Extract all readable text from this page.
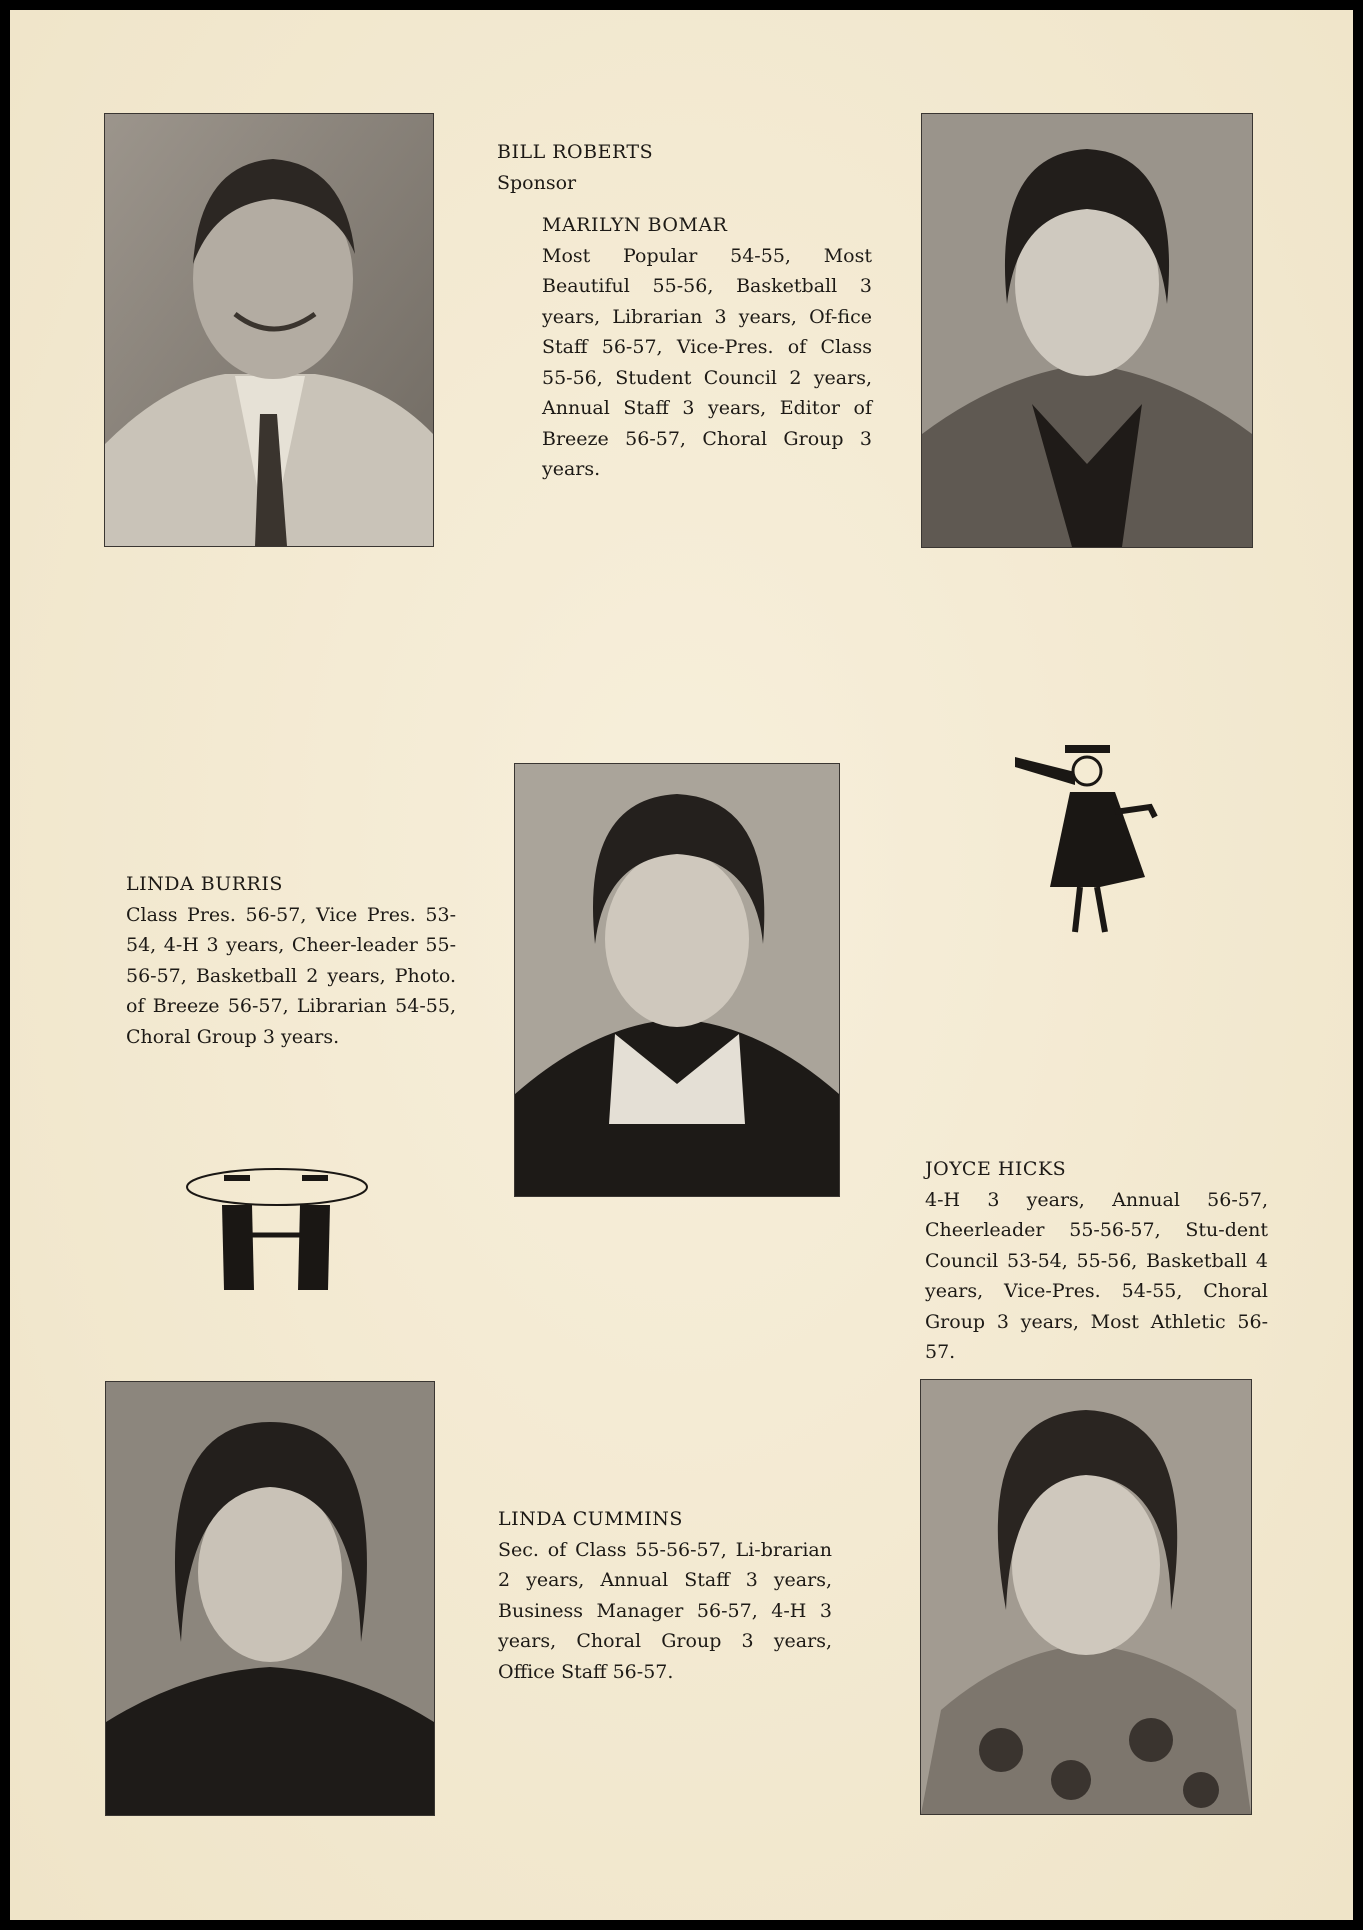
BILL ROBERTS
Sponsor
MARILYN BOMAR
Most Popular 54-55, Most Beautiful 55-56, Basketball 3 years, Librarian 3 years, Of-fice Staff 56-57, Vice-Pres. of Class 55-56, Student Council 2 years, Annual Staff 3 years, Editor of Breeze 56-57, Choral Group 3 years.
LINDA BURRIS
Class Pres. 56-57, Vice Pres. 53-54, 4-H 3 years, Cheer-leader 55-56-57, Basketball 2 years, Photo. of Breeze 56-57, Librarian 54-55, Choral Group 3 years.
JOYCE HICKS
4-H 3 years, Annual 56-57, Cheerleader 55-56-57, Stu-dent Council 53-54, 55-56, Basketball 4 years, Vice-Pres. 54-55, Choral Group 3 years, Most Athletic 56-57.
LINDA CUMMINS
Sec. of Class 55-56-57, Li-brarian 2 years, Annual Staff 3 years, Business Manager 56-57, 4-H 3 years, Choral Group 3 years, Office Staff 56-57.
